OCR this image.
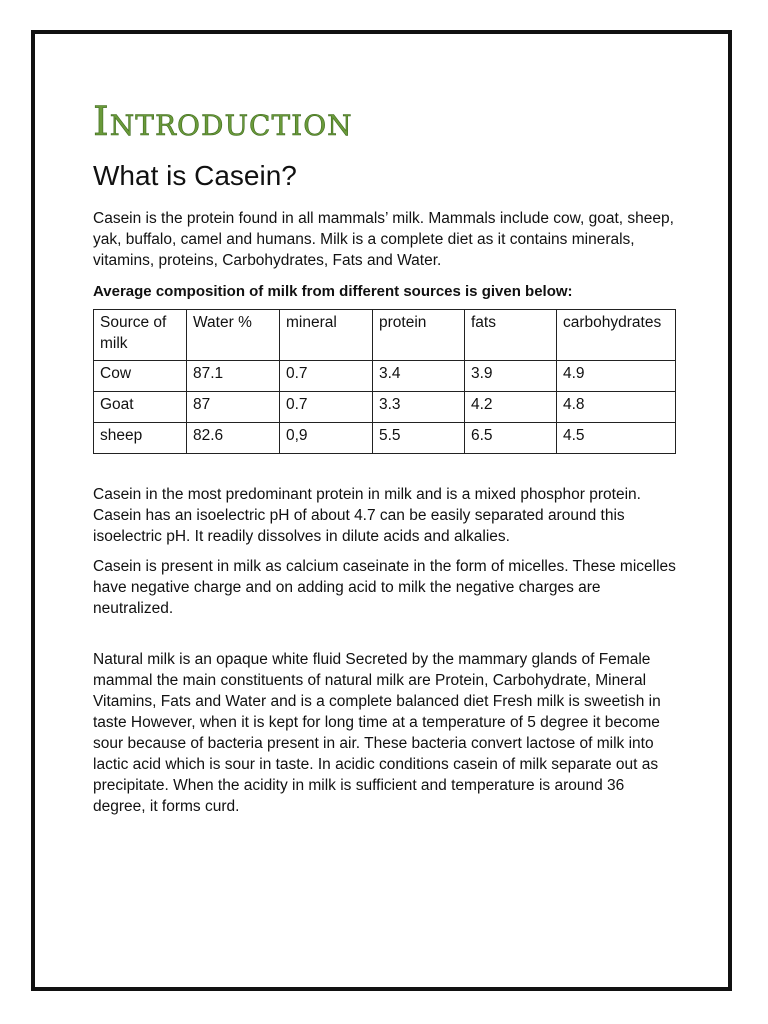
Introduction
What is Casein?

Casein is the protein found in all mammals’ milk. Mammals include cow, goat, sheep, yak, buffalo, camel and humans. Milk is a complete diet as it contains minerals, vitamins, proteins, Carbohydrates, Fats and Water.

Average composition of milk from different sources is given below:

Source of milk	Water %	mineral	protein	fats	carbohydrates
Cow	87.1	0.7	3.4	3.9	4.9
Goat	87	0.7	3.3	4.2	4.8
sheep	82.6	0,9	5.5	6.5	4.5

Casein in the most predominant protein in milk and is a mixed phosphor protein. Casein has an isoelectric pH of about 4.7 can be easily separated around this isoelectric pH. It readily dissolves in dilute acids and alkalies.

Casein is present in milk as calcium caseinate in the form of micelles. These micelles have negative charge and on adding acid to milk the negative charges are neutralized.

Natural milk is an opaque white fluid Secreted by the mammary glands of Female mammal the main constituents of natural milk are Protein, Carbohydrate, Mineral Vitamins, Fats and Water and is a complete balanced diet Fresh milk is sweetish in taste However, when it is kept for long time at a temperature of 5 degree it become sour because of bacteria present in air. These bacteria convert lactose of milk into lactic acid which is sour in taste. In acidic conditions casein of milk separate out as precipitate. When the acidity in milk is sufficient and temperature is around 36 degree, it forms curd.
